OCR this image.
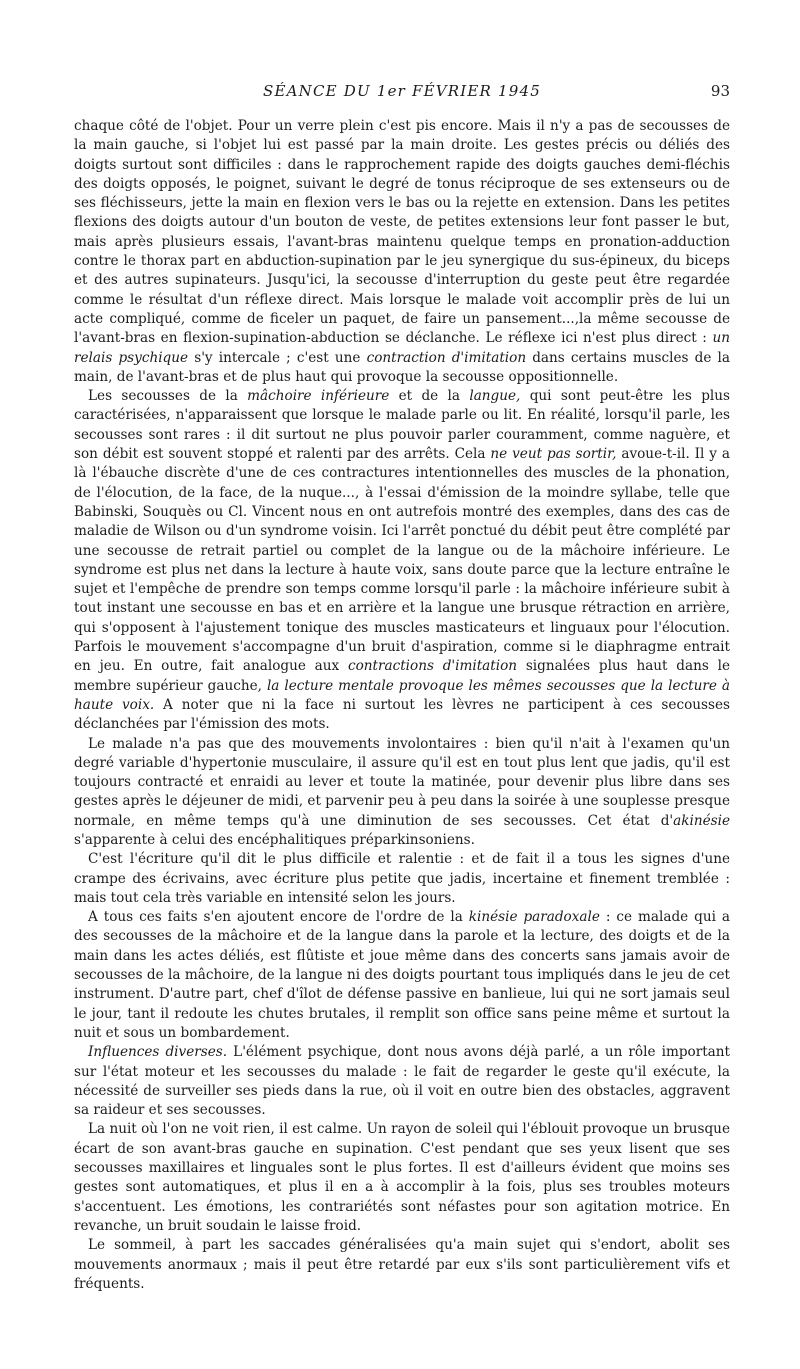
SÉANCE DU 1er FÉVRIER 1945	93

chaque côté de l'objet. Pour un verre plein c'est pis encore. Mais il n'y a pas de secousses de la main gauche, si l'objet lui est passé par la main droite. Les gestes précis ou déliés des doigts surtout sont difficiles : dans le rapprochement rapide des doigts gauches demi-fléchis des doigts opposés, le poignet, suivant le degré de tonus réciproque de ses extenseurs ou de ses fléchisseurs, jette la main en flexion vers le bas ou la rejette en extension. Dans les petites flexions des doigts autour d'un bouton de veste, de petites extensions leur font passer le but, mais après plusieurs essais, l'avant-bras maintenu quelque temps en pronation-adduction contre le thorax part en abduction-supination par le jeu synergique du sus-épineux, du biceps et des autres supinateurs. Jusqu'ici, la secousse d'interruption du geste peut être regardée comme le résultat d'un réflexe direct. Mais lorsque le malade voit accomplir près de lui un acte compliqué, comme de ficeler un paquet, de faire un pansement...,la même secousse de l'avant-bras en flexion-supination-abduction se déclanche. Le réflexe ici n'est plus direct : un relais psychique s'y intercale ; c'est une contraction d'imitation dans certains muscles de la main, de l'avant-bras et de plus haut qui provoque la secousse oppositionnelle.

Les secousses de la mâchoire inférieure et de la langue, qui sont peut-être les plus caractérisées, n'apparaissent que lorsque le malade parle ou lit. En réalité, lorsqu'il parle, les secousses sont rares : il dit surtout ne plus pouvoir parler couramment, comme naguère, et son débit est souvent stoppé et ralenti par des arrêts. Cela ne veut pas sortir, avoue-t-il. Il y a là l'ébauche discrète d'une de ces contractures intentionnelles des muscles de la phonation, de l'élocution, de la face, de la nuque..., à l'essai d'émission de la moindre syllabe, telle que Babinski, Souquès ou Cl. Vincent nous en ont autrefois montré des exemples, dans des cas de maladie de Wilson ou d'un syndrome voisin. Ici l'arrêt ponctué du débit peut être complété par une secousse de retrait partiel ou complet de la langue ou de la mâchoire inférieure. Le syndrome est plus net dans la lecture à haute voix, sans doute parce que la lecture entraîne le sujet et l'empêche de prendre son temps comme lorsqu'il parle : la mâchoire inférieure subit à tout instant une secousse en bas et en arrière et la langue une brusque rétraction en arrière, qui s'opposent à l'ajustement tonique des muscles masticateurs et linguaux pour l'élocution. Parfois le mouvement s'accompagne d'un bruit d'aspiration, comme si le diaphragme entrait en jeu. En outre, fait analogue aux contractions d'imitation signalées plus haut dans le membre supérieur gauche, la lecture mentale provoque les mêmes secousses que la lecture à haute voix. A noter que ni la face ni surtout les lèvres ne participent à ces secousses déclanchées par l'émission des mots.

Le malade n'a pas que des mouvements involontaires : bien qu'il n'ait à l'examen qu'un degré variable d'hypertonie musculaire, il assure qu'il est en tout plus lent que jadis, qu'il est toujours contracté et enraidi au lever et toute la matinée, pour devenir plus libre dans ses gestes après le déjeuner de midi, et parvenir peu à peu dans la soirée à une souplesse presque normale, en même temps qu'à une diminution de ses secousses. Cet état d'akinésie s'apparente à celui des encéphalitiques préparkinsoniens.

C'est l'écriture qu'il dit le plus difficile et ralentie : et de fait il a tous les signes d'une crampe des écrivains, avec écriture plus petite que jadis, incertaine et finement tremblée : mais tout cela très variable en intensité selon les jours.

A tous ces faits s'en ajoutent encore de l'ordre de la kinésie paradoxale : ce malade qui a des secousses de la mâchoire et de la langue dans la parole et la lecture, des doigts et de la main dans les actes déliés, est flûtiste et joue même dans des concerts sans jamais avoir de secousses de la mâchoire, de la langue ni des doigts pourtant tous impliqués dans le jeu de cet instrument. D'autre part, chef d'îlot de défense passive en banlieue, lui qui ne sort jamais seul le jour, tant il redoute les chutes brutales, il remplit son office sans peine même et surtout la nuit et sous un bombardement.

Influences diverses. L'élément psychique, dont nous avons déjà parlé, a un rôle important sur l'état moteur et les secousses du malade : le fait de regarder le geste qu'il exécute, la nécessité de surveiller ses pieds dans la rue, où il voit en outre bien des obstacles, aggravent sa raideur et ses secousses.

La nuit où l'on ne voit rien, il est calme. Un rayon de soleil qui l'éblouit provoque un brusque écart de son avant-bras gauche en supination. C'est pendant que ses yeux lisent que ses secousses maxillaires et linguales sont le plus fortes. Il est d'ailleurs évident que moins ses gestes sont automatiques, et plus il en a à accomplir à la fois, plus ses troubles moteurs s'accentuent. Les émotions, les contrariétés sont néfastes pour son agitation motrice. En revanche, un bruit soudain le laisse froid.

Le sommeil, à part les saccades généralisées qu'a main sujet qui s'endort, abolit ses mouvements anormaux ; mais il peut être retardé par eux s'ils sont particulièrement vifs et fréquents.
